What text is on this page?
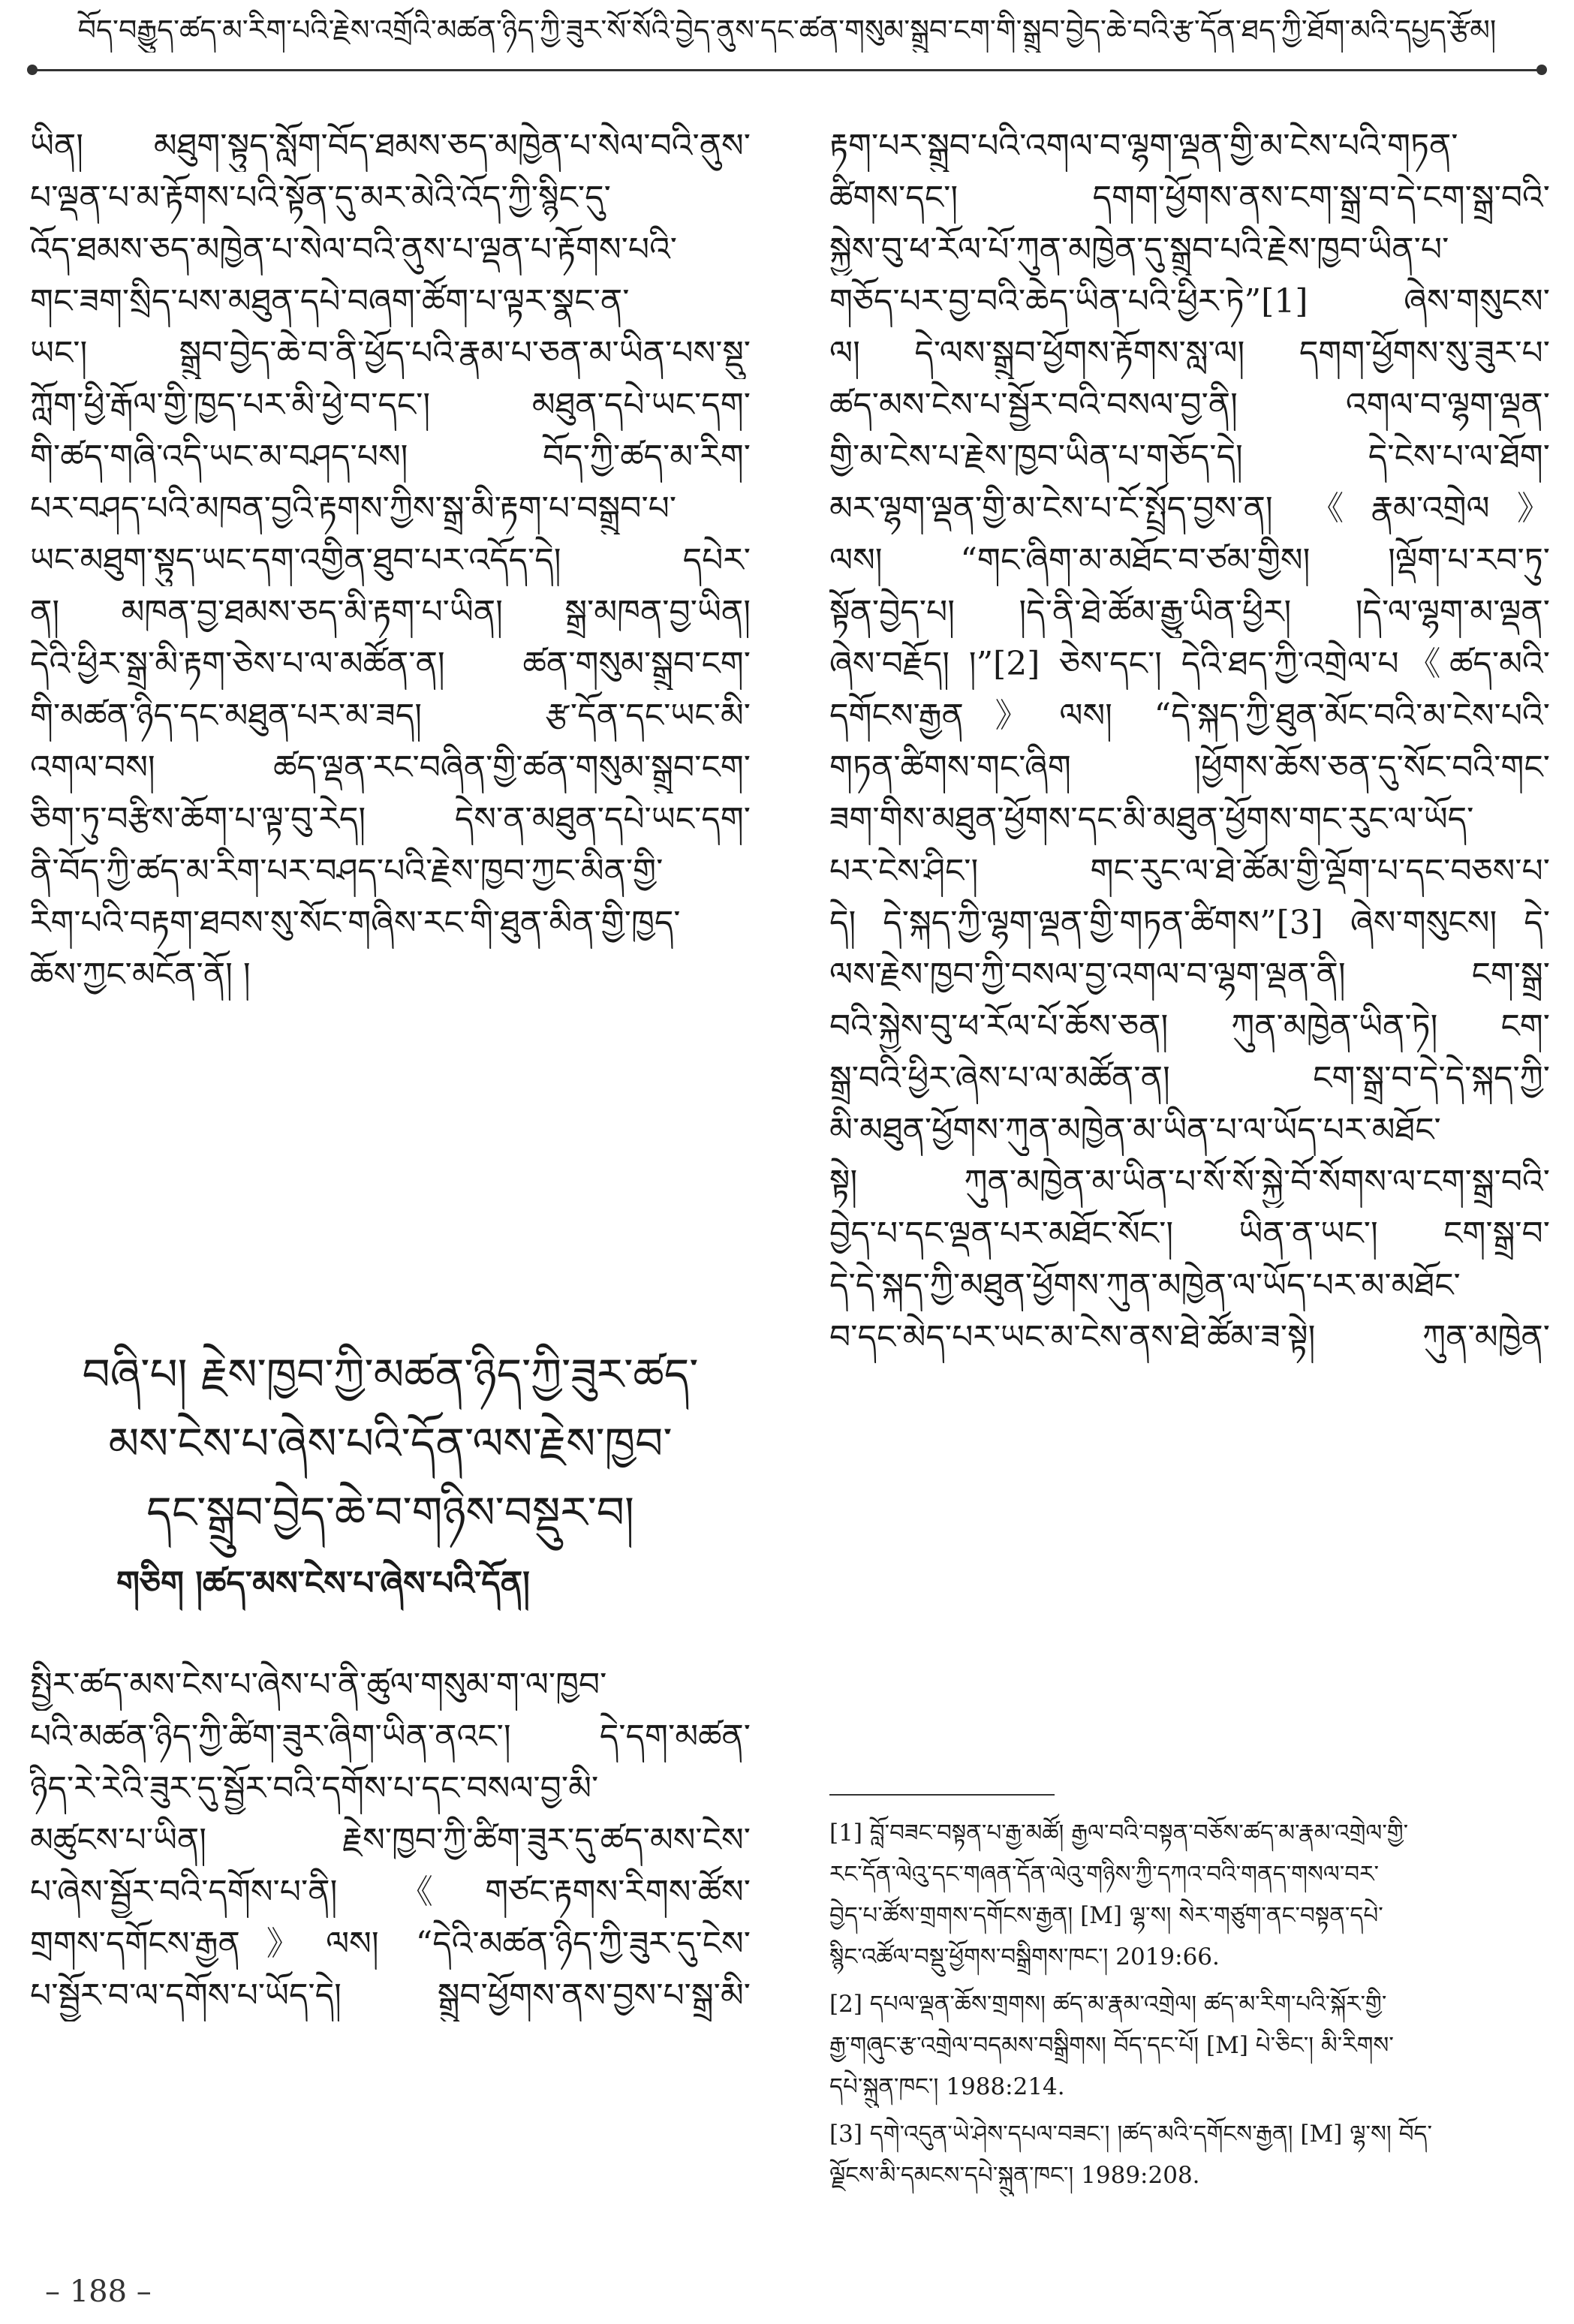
བོད་བརྒྱུད་ཚད་མ་རིག་པའི་རྗེས་འགྲོའི་མཚན་ཉིད་ཀྱི་ཟུར་སོ་སོའི་བྱེད་ནུས་དང་ཚན་གསུམ་སྒྲུབ་ངག་གི་སྒྲུབ་བྱེད་ཆེ་བའི་རྩ་དོན་ཐད་ཀྱི་ཐོག་མའི་དཔྱད་རྩོམ།
ཡིན། མཐུག་སྟུད་སློག་བོད་ཐམས་ཅད་མཁྱེན་པ་སེལ་བའི་ནུས་
པ་ལྡན་པ་མ་རྟོགས་པའི་སྟོན་དུ་མར་མེའི་འོད་ཀྱི་སྙིང་དུ་
འོད་ཐམས་ཅད་མཁྱེན་པ་སེལ་བའི་ནུས་པ་ལྡན་པ་རྟོགས་པའི་
གང་ཟག་སྲིད་པས་མཐུན་དཔེ་བཞག་ཚོག་པ་ལྟར་སྣང་ན་
ཡང་། སྒྲུབ་བྱེད་ཆེ་བ་ནི་ཕྱོད་པའི་རྣམ་པ་ཅན་མ་ཡིན་པས་སྡུ་
ཀློག་ཕྱི་རྒོལ་གྱི་ཁྱད་པར་མི་ཕྱེ་བ་དང་། མཐུན་དཔེ་ཡང་དག་
གི་ཚད་གཞི་འདི་ཡང་མ་བཤད་པས། བོད་ཀྱི་ཚད་མ་རིག་
པར་བཤད་པའི་མཁན་བྱའི་རྟགས་ཀྱིས་སྒྲ་མི་རྟག་པ་བསྒྲུབ་པ་
ཡང་མཐུག་སྟུད་ཡང་དག་འགྱིན་ཐུབ་པར་འདོད་དེ། དཔེར་
ན། མཁན་བྱ་ཐམས་ཅད་མི་རྟག་པ་ཡིན། སྒྲ་མཁན་བྱ་ཡིན།
དེའི་ཕྱིར་སྒྲ་མི་རྟག་ཅེས་པ་ལ་མཚོན་ན། ཚན་གསུམ་སྒྲུབ་ངག་
གི་མཚན་ཉིད་དང་མཐུན་པར་མ་ཟད། རྩ་དོན་དང་ཡང་མི་
འགལ་བས། ཚད་ལྡན་རང་བཞིན་གྱི་ཚན་གསུམ་སྒྲུབ་ངག་
ཅིག་ཏུ་བརྩིས་ཆོག་པ་ལྟ་བུ་རེད། དེས་ན་མཐུན་དཔེ་ཡང་དག་
ནི་བོད་ཀྱི་ཚད་མ་རིག་པར་བཤད་པའི་རྗེས་ཁྱབ་ཀྱང་མིན་གྱི་
རིག་པའི་བརྟག་ཐབས་སུ་སོང་གཞིས་རང་གི་ཐུན་མིན་གྱི་ཁྱད་
ཆོས་ཀྱང་མངོན་ནོ། །
བཞི་པ། རྗེས་ཁྱབ་ཀྱི་མཚན་ཉིད་ཀྱི་ཟུར་ཚད་
མས་ངེས་པ་ཞེས་པའི་དོན་ལས་རྗེས་ཁྱབ་
དང་སྒྲུབ་བྱེད་ཆེ་བ་གཉིས་བསྡུར་བ།
གཅིག །ཚད་མས་ངེས་པ་ཞེས་པའི་དོན།
སྤྱིར་ཚད་མས་ངེས་པ་ཞེས་པ་ནི་ཚུལ་གསུམ་ག་ལ་ཁྱབ་
པའི་མཚན་ཉིད་ཀྱི་ཚིག་ཟུར་ཞིག་ཡིན་ནའང་། དེ་དག་མཚན་
ཉིད་རེ་རེའི་ཟུར་དུ་སྦྱོར་བའི་དགོས་པ་དང་བསལ་བྱ་མི་
མཚུངས་པ་ཡིན། རྗེས་ཁྱབ་ཀྱི་ཚིག་ཟུར་དུ་ཚད་མས་ངེས་
པ་ཞེས་སྦྱོར་བའི་དགོས་པ་ནི། 《གཙང་རྟགས་རིགས་ཚོས་
གྲགས་དགོངས་རྒྱན》ལས། “དེའི་མཚན་ཉིད་ཀྱི་ཟུར་དུ་ངེས་
པ་སྦྱོར་བ་ལ་དགོས་པ་ཡོད་དེ། སྒྲུབ་ཕྱོགས་ནས་བྱས་པ་སྒྲ་མི་
རྟག་པར་སྒྲུབ་པའི་འགལ་བ་ལྷག་ལྡན་གྱི་མ་ངེས་པའི་གཏན་
ཚིགས་དང་། དགག་ཕྱོགས་ནས་ངག་སྒྲ་བ་དེ་ངག་སྒྲ་བའི་
སྐྱེས་བུ་ཕ་རོལ་པོ་ཀུན་མཁྱེན་དུ་སྒྲུབ་པའི་རྗེས་ཁྱབ་ཡིན་པ་
གཅོད་པར་བྱ་བའི་ཆེད་ཡིན་པའི་ཕྱིར་ཏེ”[1] ཞེས་གསུངས་
ལ། དེ་ལས་སྒྲུབ་ཕྱོགས་རྟོགས་སླ་ལ། དགག་ཕྱོགས་སུ་ཟུར་པ་
ཚད་མས་ངེས་པ་སྦྱོར་བའི་བསལ་བྱ་ནི། འགལ་བ་ལྷག་ལྡན་
གྱི་མ་ངེས་པ་རྗེས་ཁྱབ་ཡིན་པ་གཅོད་དེ། དེ་ངེས་པ་ལ་ཐོག་
མར་ལྷག་ལྡན་གྱི་མ་ངེས་པ་ངོ་སྤྲོད་བྱས་ན། 《རྣམ་འགྲེལ》
ལས། “གང་ཞིག་མ་མཐོང་བ་ཙམ་གྱིས། །ལྡོག་པ་རབ་ཏུ་
སྟོན་བྱེད་པ། །དེ་ནི་ཐེ་ཚོམ་རྒྱུ་ཡིན་ཕྱིར། །དེ་ལ་ལྷག་མ་ལྡན་
ཞེས་བརྗོད། །”[2] ཅེས་དང་། དེའི་ཐད་ཀྱི་འགྲེལ་པ《ཚད་མའི་
དགོངས་རྒྱན》ལས། “དེ་སྐད་ཀྱི་ཐུན་མོང་བའི་མ་ངེས་པའི་
གཏན་ཚིགས་གང་ཞིག །ཕྱོགས་ཆོས་ཅན་དུ་སོང་བའི་གང་
ཟག་གིས་མཐུན་ཕྱོགས་དང་མི་མཐུན་ཕྱོགས་གང་རུང་ལ་ཡོད་
པར་ངེས་ཤིང་། གང་རུང་ལ་ཐེ་ཚོམ་གྱི་ལྡོག་པ་དང་བཅས་པ་
དེ། དེ་སྐད་ཀྱི་ལྷག་ལྡན་གྱི་གཏན་ཚིགས”[3] ཞེས་གསུངས། དེ་
ལས་རྗེས་ཁྱབ་ཀྱི་བསལ་བྱ་འགལ་བ་ལྷག་ལྡན་ནི། ངག་སྒྲ་
བའི་སྐྱེས་བུ་ཕ་རོལ་པོ་ཆོས་ཅན། ཀུན་མཁྱེན་ཡིན་ཏེ། ངག་
སྒྲ་བའི་ཕྱིར་ཞེས་པ་ལ་མཚོན་ན། ངག་སྒྲ་བ་དེ་དེ་སྐད་ཀྱི་
མི་མཐུན་ཕྱོགས་ཀུན་མཁྱེན་མ་ཡིན་པ་ལ་ཡོད་པར་མཐོང་
སྟེ། ཀུན་མཁྱེན་མ་ཡིན་པ་སོ་སོ་སྐྱེ་བོ་སོགས་ལ་ངག་སྒྲ་བའི་
བྱེད་པ་དང་ལྡན་པར་མཐོང་སོང་། ཡིན་ན་ཡང་། ངག་སྒྲ་བ་
དེ་དེ་སྐད་ཀྱི་མཐུན་ཕྱོགས་ཀུན་མཁྱེན་ལ་ཡོད་པར་མ་མཐོང་
བ་དང་མེད་པར་ཡང་མ་ངེས་ནས་ཐེ་ཚོམ་ཟ་སྟེ། ཀུན་མཁྱེན་
[1] བློ་བཟང་བསྟན་པ་རྒྱ་མཚོ། རྒྱལ་བའི་བསྟན་བཅོས་ཚད་མ་རྣམ་འགྲེལ་གྱི་
རང་དོན་ལེའུ་དང་གཞན་དོན་ལེའུ་གཉིས་ཀྱི་དཀའ་བའི་གནད་གསལ་བར་
བྱེད་པ་ཚོས་གྲགས་དགོངས་རྒྱན། [M] ལྷ་ས། སེར་གཙུག་ནང་བསྟན་དཔེ་
སྙིང་འཚོལ་བསྡུ་ཕྱོགས་བསྒྲིགས་ཁང་། 2019:66.
[2] དཔལ་ལྡན་ཆོས་གྲགས། ཚད་མ་རྣམ་འགྲེལ། ཚད་མ་རིག་པའི་སྐོར་གྱི་
རྒྱ་གཞུང་རྩ་འགྲེལ་བདམས་བསྒྲིགས། བོད་དང་པོ། [M] པེ་ཅིང་། མི་རིགས་
དཔེ་སྐྲུན་ཁང་། 1988:214.
[3] དགེ་འདུན་ཡེ་ཤེས་དཔལ་བཟང་། །ཚད་མའི་དགོངས་རྒྱན། [M] ལྷ་ས། བོད་
ལྗོངས་མི་དམངས་དཔེ་སྐྲུན་ཁང་། 1989:208.
– 188 –
